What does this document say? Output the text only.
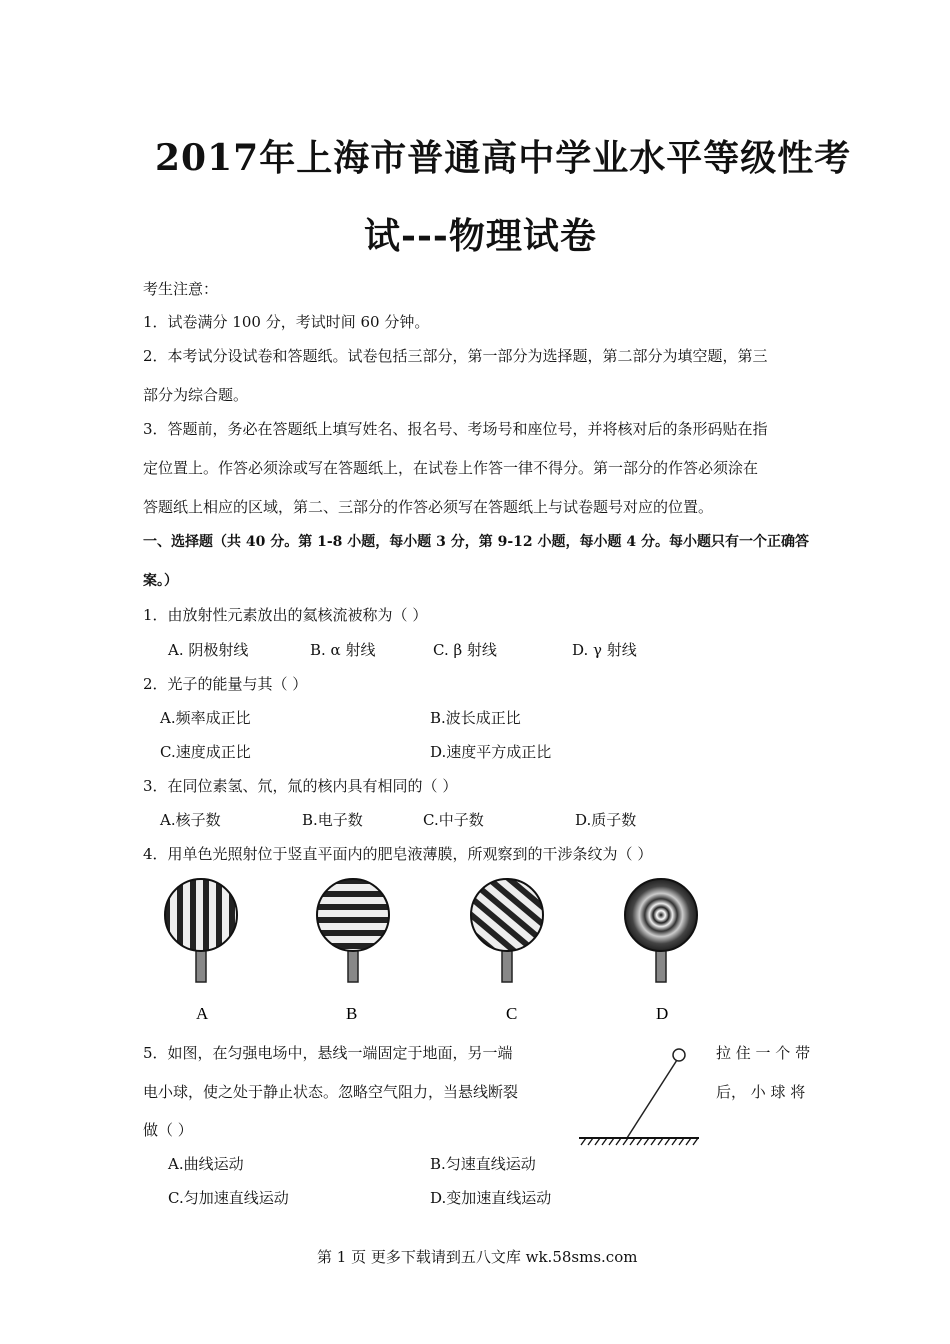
2017年上海市普通高中学业水平等级性考
试---物理试卷
考生注意：
1．试卷满分 100 分，考试时间 60 分钟。
2．本考试分设试卷和答题纸。试卷包括三部分，第一部分为选择题，第二部分为填空题，第三
部分为综合题。
3．答题前，务必在答题纸上填写姓名、报名号、考场号和座位号，并将核对后的条形码贴在指
定位置上。作答必须涂或写在答题纸上，在试卷上作答一律不得分。第一部分的作答必须涂在
答题纸上相应的区域，第二、三部分的作答必须写在答题纸上与试卷题号对应的位置。
一、选择题（共 40 分。第 1-8 小题，每小题 3 分，第 9-12 小题，每小题 4 分。每小题只有一个正确答
案。）
1．由放射性元素放出的氦核流被称为（ ）
A. 阴极射线	B. α 射线	C. β 射线	D. γ 射线
2．光子的能量与其（ ）
A.频率成正比	B.波长成正比
C.速度成正比	D.速度平方成正比
3．在同位素氢、氘，氚的核内具有相同的（ ）
A.核子数	B.电子数	C.中子数	D.质子数
4．用单色光照射位于竖直平面内的肥皂液薄膜，所观察到的干涉条纹为（ ）
A	B	C	D
5．如图，在匀强电场中，悬线一端固定于地面，另一端	拉 住 一 个 带
电小球，使之处于静止状态。忽略空气阻力，当悬线断裂	后， 小 球 将
做（ ）
A.曲线运动	B.匀速直线运动
C.匀加速直线运动	D.变加速直线运动
第 1 页 更多下载请到五八文库 wk.58sms.com
